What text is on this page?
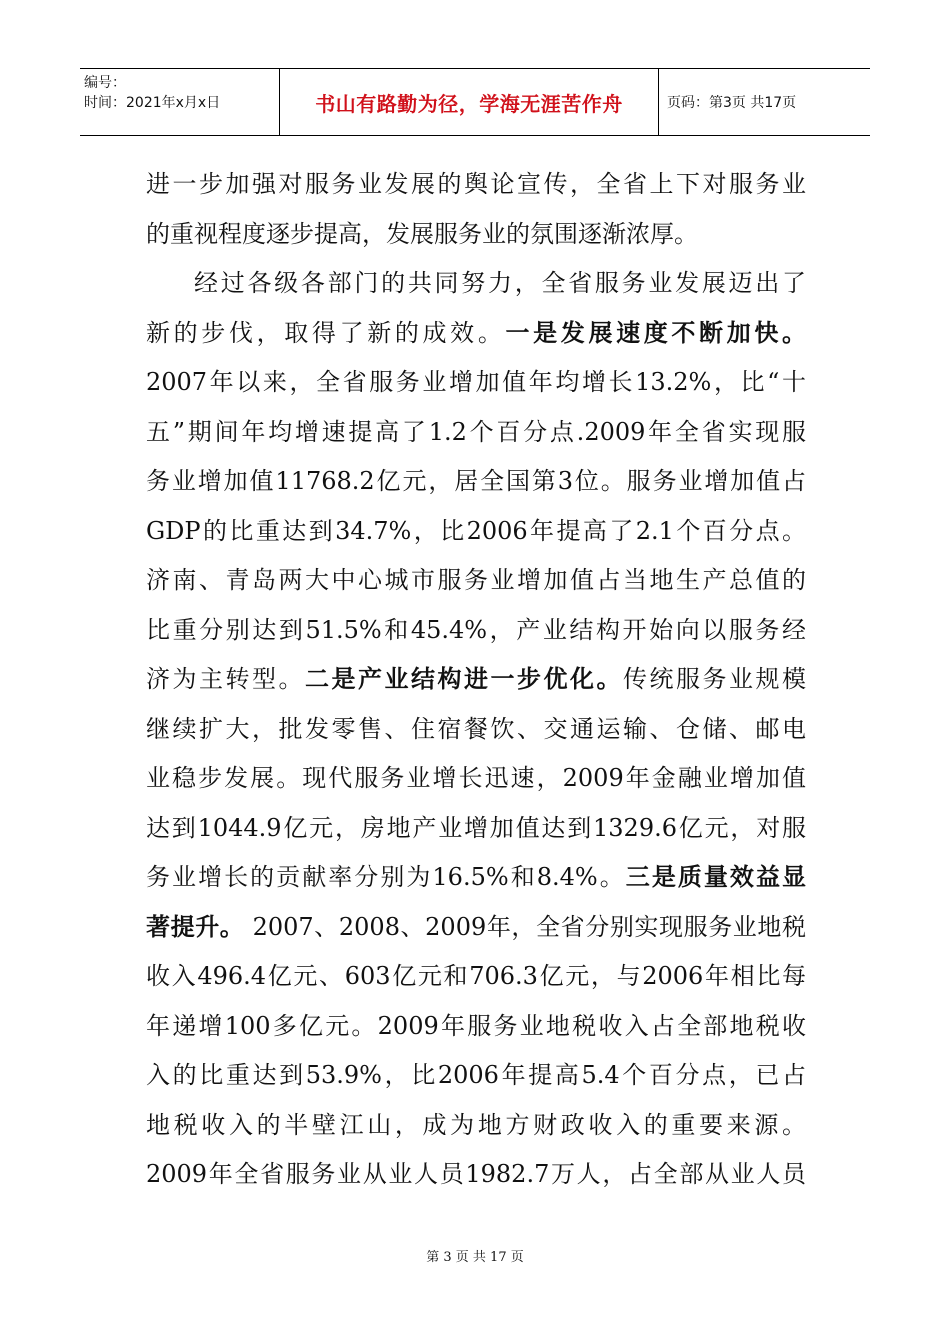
编号：
时间：2021年x月x日	书山有路勤为径，学海无涯苦作舟	页码：第3页 共17页
进一步加强对服务业发展的舆论宣传，全省上下对服务业
的重视程度逐步提高，发展服务业的氛围逐渐浓厚。
经过各级各部门的共同努力，全省服务业发展迈出了
新的步伐，取得了新的成效。一是发展速度不断加快。
2007年以来，全省服务业增加值年均增长13.2%，比“十
五”期间年均增速提高了1.2个百分点.2009年全省实现服
务业增加值11768.2亿元，居全国第3位。服务业增加值占
GDP的比重达到34.7%，比2006年提高了2.1个百分点。
济南、青岛两大中心城市服务业增加值占当地生产总值的
比重分别达到51.5%和45.4%，产业结构开始向以服务经
济为主转型。二是产业结构进一步优化。传统服务业规模
继续扩大，批发零售、住宿餐饮、交通运输、仓储、邮电
业稳步发展。现代服务业增长迅速，2009年金融业增加值
达到1044.9亿元，房地产业增加值达到1329.6亿元，对服
务业增长的贡献率分别为16.5%和8.4%。三是质量效益显
著提升。 2007、2008、2009年，全省分别实现服务业地税
收入496.4亿元、603亿元和706.3亿元，与2006年相比每
年递增100多亿元。2009年服务业地税收入占全部地税收
入的比重达到53.9%，比2006年提高5.4个百分点，已占
地税收入的半壁江山，成为地方财政收入的重要来源。
2009年全省服务业从业人员1982.7万人，占全部从业人员
第 3 页 共 17 页
